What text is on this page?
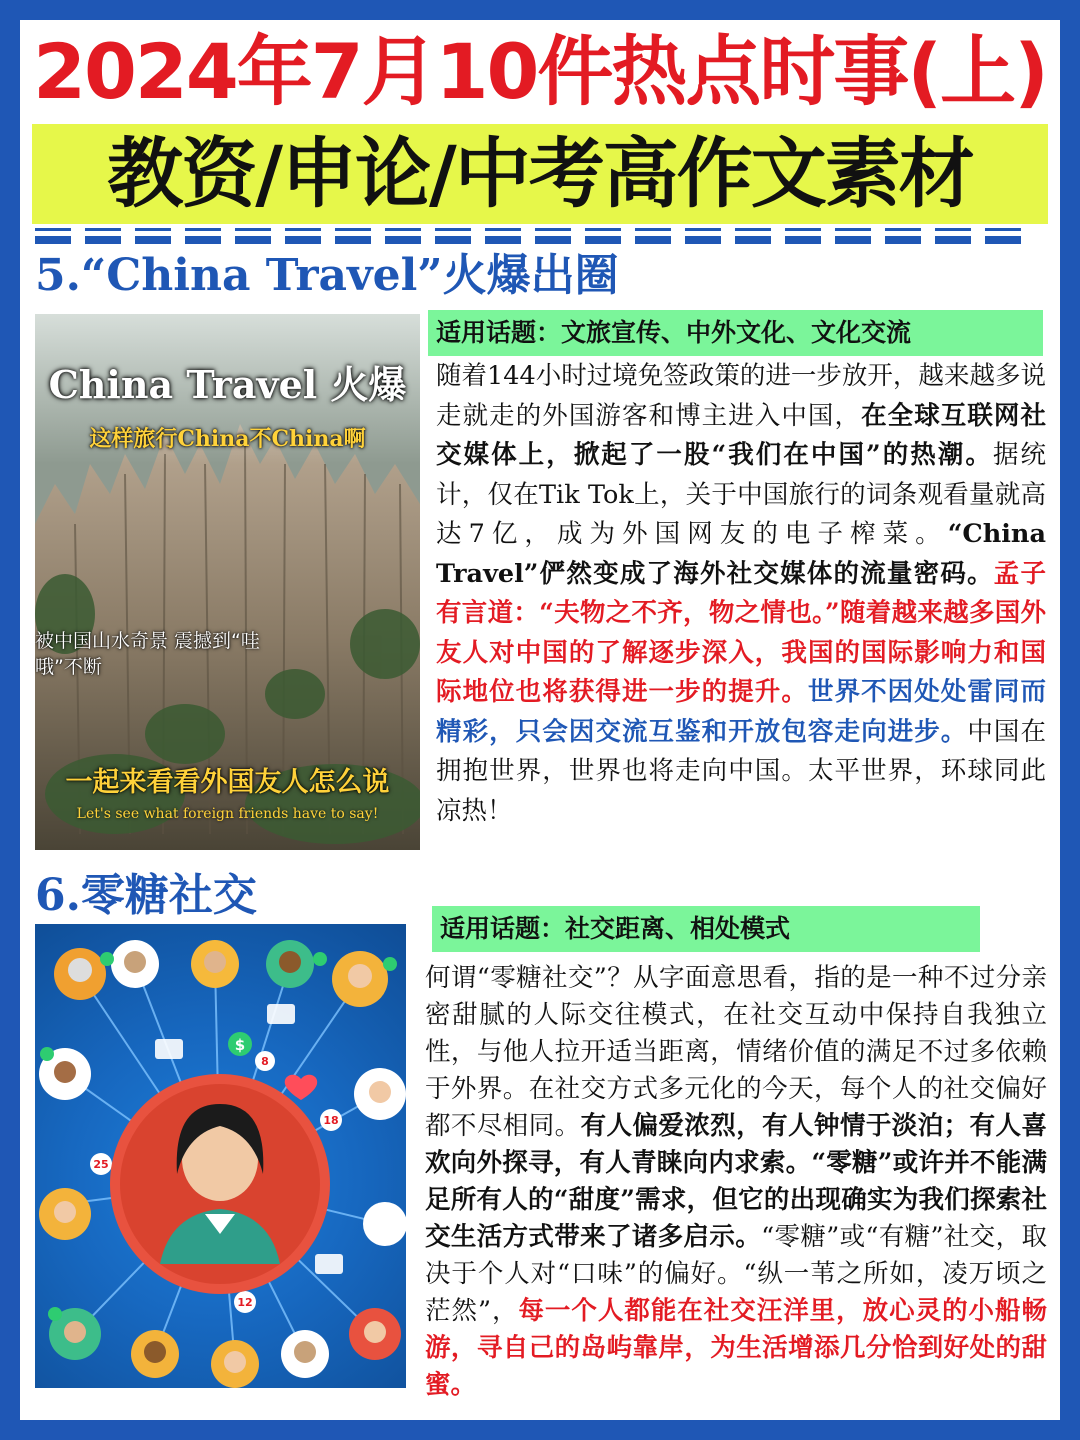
2024年7月10件热点时事(上)
教资/申论/中考高作文素材
5.“China Travel”火爆出圈
China Travel 火爆
这样旅行China不China啊
被中国山水奇景 震撼到“哇哦”不断
一起来看看外国友人怎么说
Let's see what foreign friends have to say!
适用话题：文旅宣传、中外文化、文化交流
随着144小时过境免签政策的进一步放开，越来越多说走就走的外国游客和博主进入中国，在全球互联网社交媒体上，掀起了一股“我们在中国”的热潮。据统计，仅在Tik Tok上，关于中国旅行的词条观看量就高达7亿，成为外国网友的电子榨菜。“China Travel”俨然变成了海外社交媒体的流量密码。孟子有言道：“夫物之不齐，物之情也。”随着越来越多国外友人对中国的了解逐步深入，我国的国际影响力和国际地位也将获得进一步的提升。世界不因处处雷同而精彩，只会因交流互鉴和开放包容走向进步。中国在拥抱世界，世界也将走向中国。太平世界，环球同此凉热！
6.零糖社交
$
8
18
25
12
适用话题：社交距离、相处模式
何谓“零糖社交”？从字面意思看，指的是一种不过分亲密甜腻的人际交往模式，在社交互动中保持自我独立性，与他人拉开适当距离，情绪价值的满足不过多依赖于外界。在社交方式多元化的今天，每个人的社交偏好都不尽相同。有人偏爱浓烈，有人钟情于淡泊；有人喜欢向外探寻，有人青睐向内求索。“零糖”或许并不能满足所有人的“甜度”需求，但它的出现确实为我们探索社交生活方式带来了诸多启示。“零糖”或“有糖”社交，取决于个人对“口味”的偏好。“纵一苇之所如，凌万顷之茫然”，每一个人都能在社交汪洋里，放心灵的小船畅游，寻自己的岛屿靠岸，为生活增添几分恰到好处的甜蜜。
